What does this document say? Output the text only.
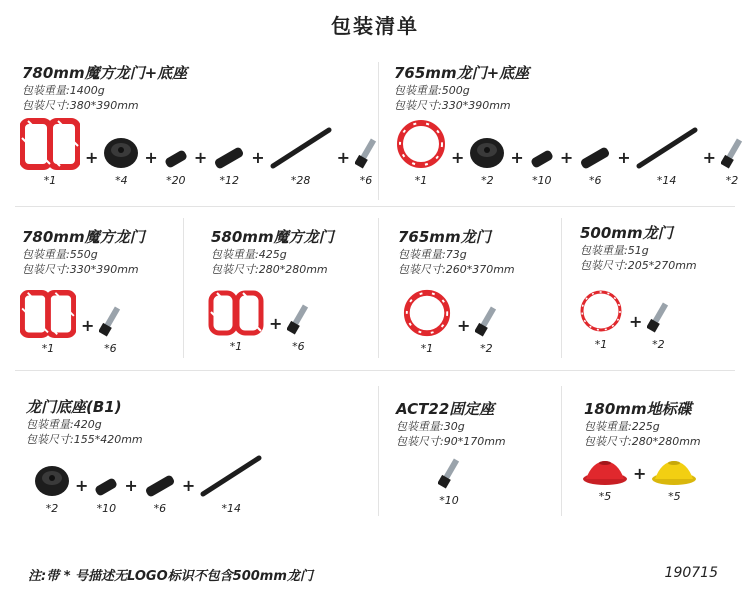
包装清单
780mm魔方龙门+底座
包装重量:1400g
包装尺寸:380*390mm
*1
+
*4
+
*20
+
*12
+
*28
+
*6
765mm龙门+底座
包装重量:500g
包装尺寸:330*390mm
*1
+
*2
+
*10
+
*6
+
*14
+
*2
780mm魔方龙门
包装重量:550g
包装尺寸:330*390mm
*1
+
*6
580mm魔方龙门
包装重量:425g
包装尺寸:280*280mm
*1
+
*6
765mm龙门
包装重量:73g
包装尺寸:260*370mm
*1
+
*2
500mm龙门
包装重量:51g
包装尺寸:205*270mm
*1
+
*2
龙门底座(B1)
包装重量:420g
包装尺寸:155*420mm
*2
+
*10
+
*6
+
*14
ACT22固定座
包装重量:30g
包装尺寸:90*170mm
*10
180mm地标碟
包装重量:225g
包装尺寸:280*280mm
*5
+
*5
注:带 * 号描述无LOGO标识不包含500mm龙门	190715
